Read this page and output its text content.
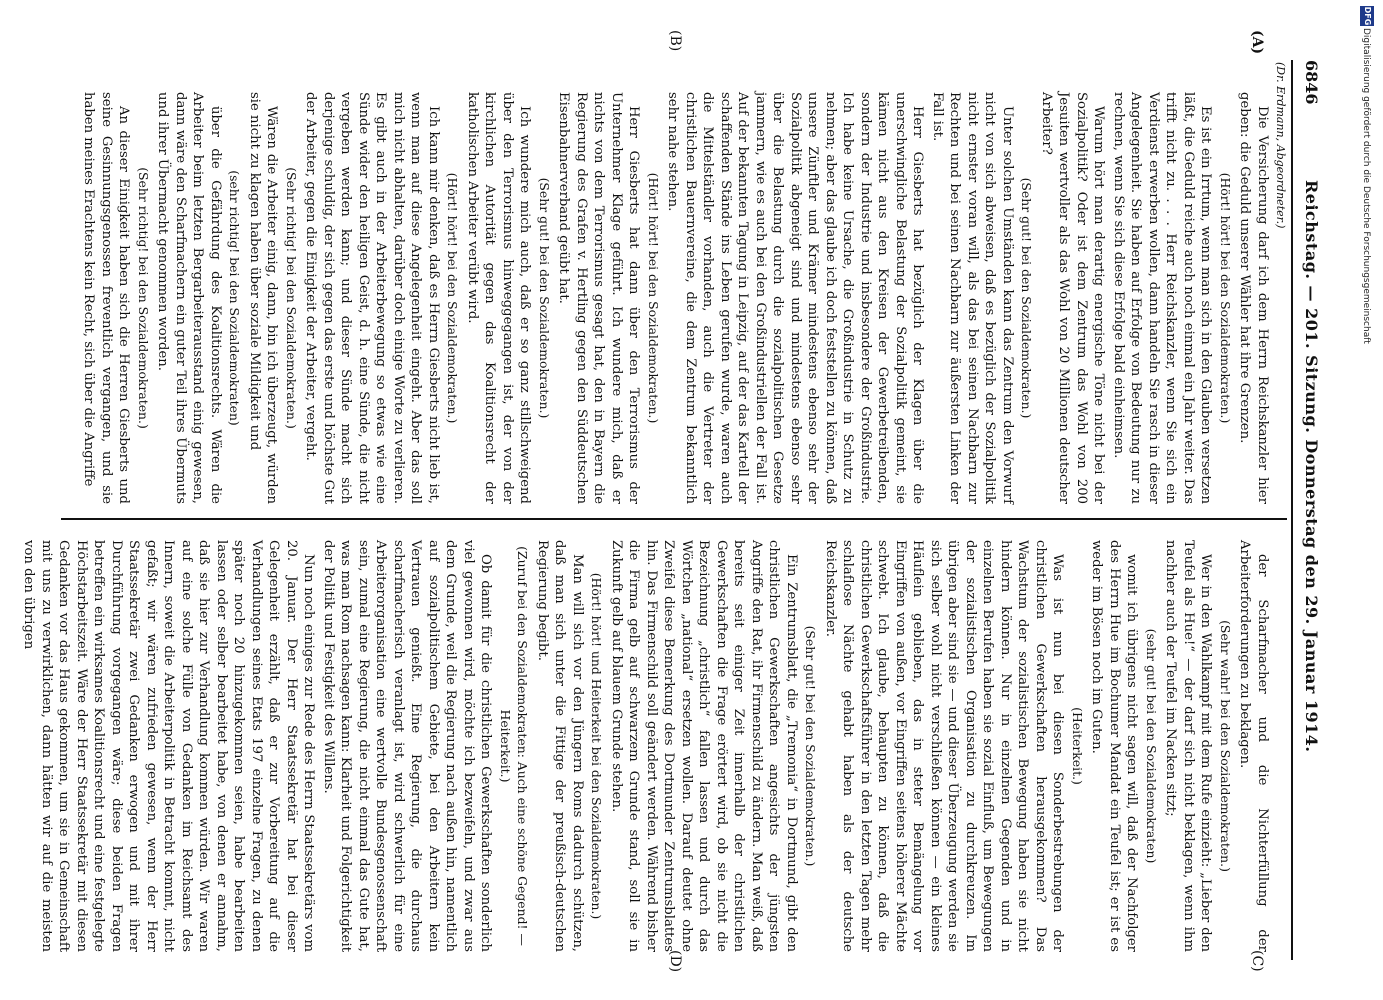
6846
Reichstag. — 201. Sitzung. Donnerstag den 29. Januar 1914.
(Dr. Erdmann, Abgeordneter.)
(A)
(B)
(C)
(D)

Die Versicherung darf ich dem Herrn Reichskanzler hier geben: die Geduld unserer Wähler hat ihre Grenzen.

(Hört! hört! bei den Sozialdemokraten.)

Es ist ein Irrtum, wenn man sich in den Glauben versetzen läßt, die Geduld reiche auch noch einmal ein Jahr weiter. Das trifft nicht zu. . . . Herr Reichskanzler, wenn Sie sich ein Verdienst erwerben wollen, dann handeln Sie rasch in dieser Angelegenheit. Sie haben auf Erfolge von Bedeutung nur zu rechnen, wenn Sie sich diese Erfolge bald einheimsen.

Warum hört man derartig energische Töne nicht bei der Sozialpolitik? Oder ist dem Zentrum das Wohl von 200 Jesuiten wertvoller als das Wohl von 20 Millionen deutscher Arbeiter?

(Sehr gut! bei den Sozialdemokraten.)

Unter solchen Umständen kann das Zentrum den Vorwurf nicht von sich abweisen, daß es bezüglich der Sozialpolitik nicht ernster voran will, als das bei seinen Nachbarn zur Rechten und bei seinen Nachbarn zur äußersten Linken der Fall ist.

Herr Giesberts hat bezüglich der Klagen über die unerschwingliche Belastung der Sozialpolitik gemeint, sie kämen nicht aus den Kreisen der Gewerbetreibenden, sondern der Industrie und insbesondere der Großindustrie. Ich habe keine Ursache, die Großindustrie in Schutz zu nehmen; aber das glaube ich doch feststellen zu können, daß unsere Zünftler und Krämer mindestens ebenso sehr der Sozialpolitik abgeneigt sind und mindestens ebenso sehr über die Belastung durch die sozialpolitischen Gesetze jammern, wie es auch bei den Großindustriellen der Fall ist. Auf der bekannten Tagung in Leipzig, auf der das Kartell der schaffenden Stände ins Leben gerufen wurde, waren auch die Mittelständler vorhanden, auch die Vertreter der christlichen Bauernvereine, die dem Zentrum bekanntlich sehr nahe stehen.

(Hört! hört! bei den Sozialdemokraten.)

Herr Giesberts hat dann über den Terrorismus der Unternehmer Klage geführt. Ich wundere mich, daß er nichts von dem Terrorismus gesagt hat, den in Bayern die Regierung des Grafen v. Hertling gegen den Süddeutschen Eisenbahnerverband geübt hat.

(Sehr gut! bei den Sozialdemokraten.)

Ich wundere mich auch, daß er so ganz stillschweigend über den Terrorismus hinweggegangen ist, der von der kirchlichen Autorität gegen das Koalitionsrecht der katholischen Arbeiter verübt wird.

(Hört! hört! bei den Sozialdemokraten.)

Ich kann mir denken, daß es Herrn Giesberts nicht lieb ist, wenn man auf diese Angelegenheit eingeht. Aber das soll mich nicht abhalten, darüber doch einige Worte zu verlieren. Es gibt auch in der Arbeiterbewegung so etwas wie eine Sünde wider den heiligen Geist, d. h. eine Sünde, die nicht vergeben werden kann; und dieser Sünde macht sich derjenige schuldig, der sich gegen das erste und höchste Gut der Arbeiter, gegen die Einigkeit der Arbeiter, vergeht.

(Sehr richtig! bei den Sozialdemokraten.)

Wären die Arbeiter einig, dann, bin ich überzeugt, würden sie nicht zu klagen haben über soziale Mildigkeit und

(sehr richtig! bei den Sozialdemokraten)

über die Gefährdung des Koalitionsrechts. Wären die Arbeiter beim letzten Bergarbeiterausstand einig gewesen, dann wäre den Scharfmachern ein guter Teil ihres Übermuts und ihrer Übermacht genommen worden.

(Sehr richtig! bei den Sozialdemokraten.)

An dieser Einigkeit haben sich die Herren Giesberts und seine Gesinnungsgenossen freventlich vergangen, und sie haben meines Erachtens kein Recht, sich über die Angriffe

der Scharfmacher und die Nichterfüllung der Arbeiterforderungen zu beklagen.

(Sehr wahr! bei den Sozialdemokraten.)

Wer in den Wahlkampf mit dem Rufe einzieht: „Lieber den Teufel als Hue!“ — der darf sich nicht beklagen, wenn ihm nachher auch der Teufel im Nacken sitzt;

(sehr gut! bei den Sozialdemokraten)

womit ich übrigens nicht sagen will, daß der Nachfolger des Herrn Hue im Bochumer Mandat ein Teufel ist; er ist es weder im Bösen noch im Guten.

(Heiterkeit.)

Was ist nun bei diesen Sonderbestrebungen der christlichen Gewerkschaften herausgekommen? Das Wachstum der sozialistischen Bewegung haben sie nicht hindern können. Nur in einzelnen Gegenden und in einzelnen Berufen haben sie sozial Einfluß, um Bewegungen der sozialistischen Organisation zu durchkreuzen. Im übrigen aber sind sie — und dieser Überzeugung werden sie sich selber wohl nicht verschließen können — ein kleines Häuflein geblieben, das in steter Bemängelung vor Eingriffen von außen, vor Eingriffen seitens höherer Mächte schwebt. Ich glaube, behaupten zu können, daß die christlichen Gewerkschaftsführer in den letzten Tagen mehr schlaflose Nächte gehabt haben als der deutsche Reichskanzler.

(Sehr gut! bei den Sozialdemokraten.)

Ein Zentrumsblatt, die „Tremonia“ in Dortmund, gibt den christlichen Gewerkschaften angesichts der jüngsten Angriffe den Rat, ihr Firmenschild zu ändern. Man weiß, daß bereits seit einiger Zeit innerhalb der christlichen Gewerkschaften die Frage erörtert wird, ob sie nicht die Bezeichnung „christlich“ fallen lassen und durch das Wörtchen „national“ ersetzen wollen. Darauf deutet ohne Zweifel diese Bemerkung des Dortmunder Zentrumsblattes hin. Das Firmenschild soll geändert werden. Während bisher die Firma gelb auf schwarzem Grunde stand, soll sie in Zukunft gelb auf blauem Grunde stehen.

(Hört! hört! und Heiterkeit bei den Sozialdemokraten.)

Man will sich vor den Jüngern Roms dadurch schützen, daß man sich unter die Fittige der preußisch-deutschen Regierung begibt.

(Zuruf bei den Sozialdemokraten: Auch eine schöne Gegend! — Heiterkeit.)

Ob damit für die christlichen Gewerkschaften sonderlich viel gewonnen wird, möchte ich bezweifeln, und zwar aus dem Grunde, weil die Regierung nach außen hin, namentlich auf sozialpolitischem Gebiete, bei den Arbeitern kein Vertrauen genießt. Eine Regierung, die durchaus scharfmacherisch veranlagt ist, wird schwerlich für eine Arbeiterorganisation eine wertvolle Bundesgenossenschaft sein, zumal eine Regierung, die nicht einmal das Gute hat, was man Rom nachsagen kann: Klarheit und Folgerichtigkeit der Politik und Festigkeit des Willens.

Nun noch einiges zur Rede des Herrn Staatssekretärs vom 20. Januar. Der Herr Staatssekretär hat bei dieser Gelegenheit erzählt, daß er zur Vorbereitung auf die Verhandlungen seines Etats 197 einzelne Fragen, zu denen später noch 20 hinzugekommen seien, habe bearbeiten lassen oder selber bearbeitet habe, von denen er annahm, daß sie hier zur Verhandlung kommen würden. Wir waren auf eine solche Fülle von Gedanken im Reichsamt des Innern, soweit die Arbeiterpolitik in Betracht kommt, nicht gefaßt; wir wären zufrieden gewesen, wenn der Herr Staatssekretär zwei Gedanken erwogen und mit ihrer Durchführung vorgegangen wäre; diese beiden Fragen betreffen ein wirksames Koalitionsrecht und eine festgelegte Höchstarbeitszeit. Wäre der Herr Staatssekretär mit diesen Gedanken vor das Haus gekommen, um sie in Gemeinschaft mit uns zu verwirklichen, dann hätten wir auf die meisten von den übrigen

DFG
Digitalisierung gefördert durch die Deutsche Forschungsgemeinschaft
